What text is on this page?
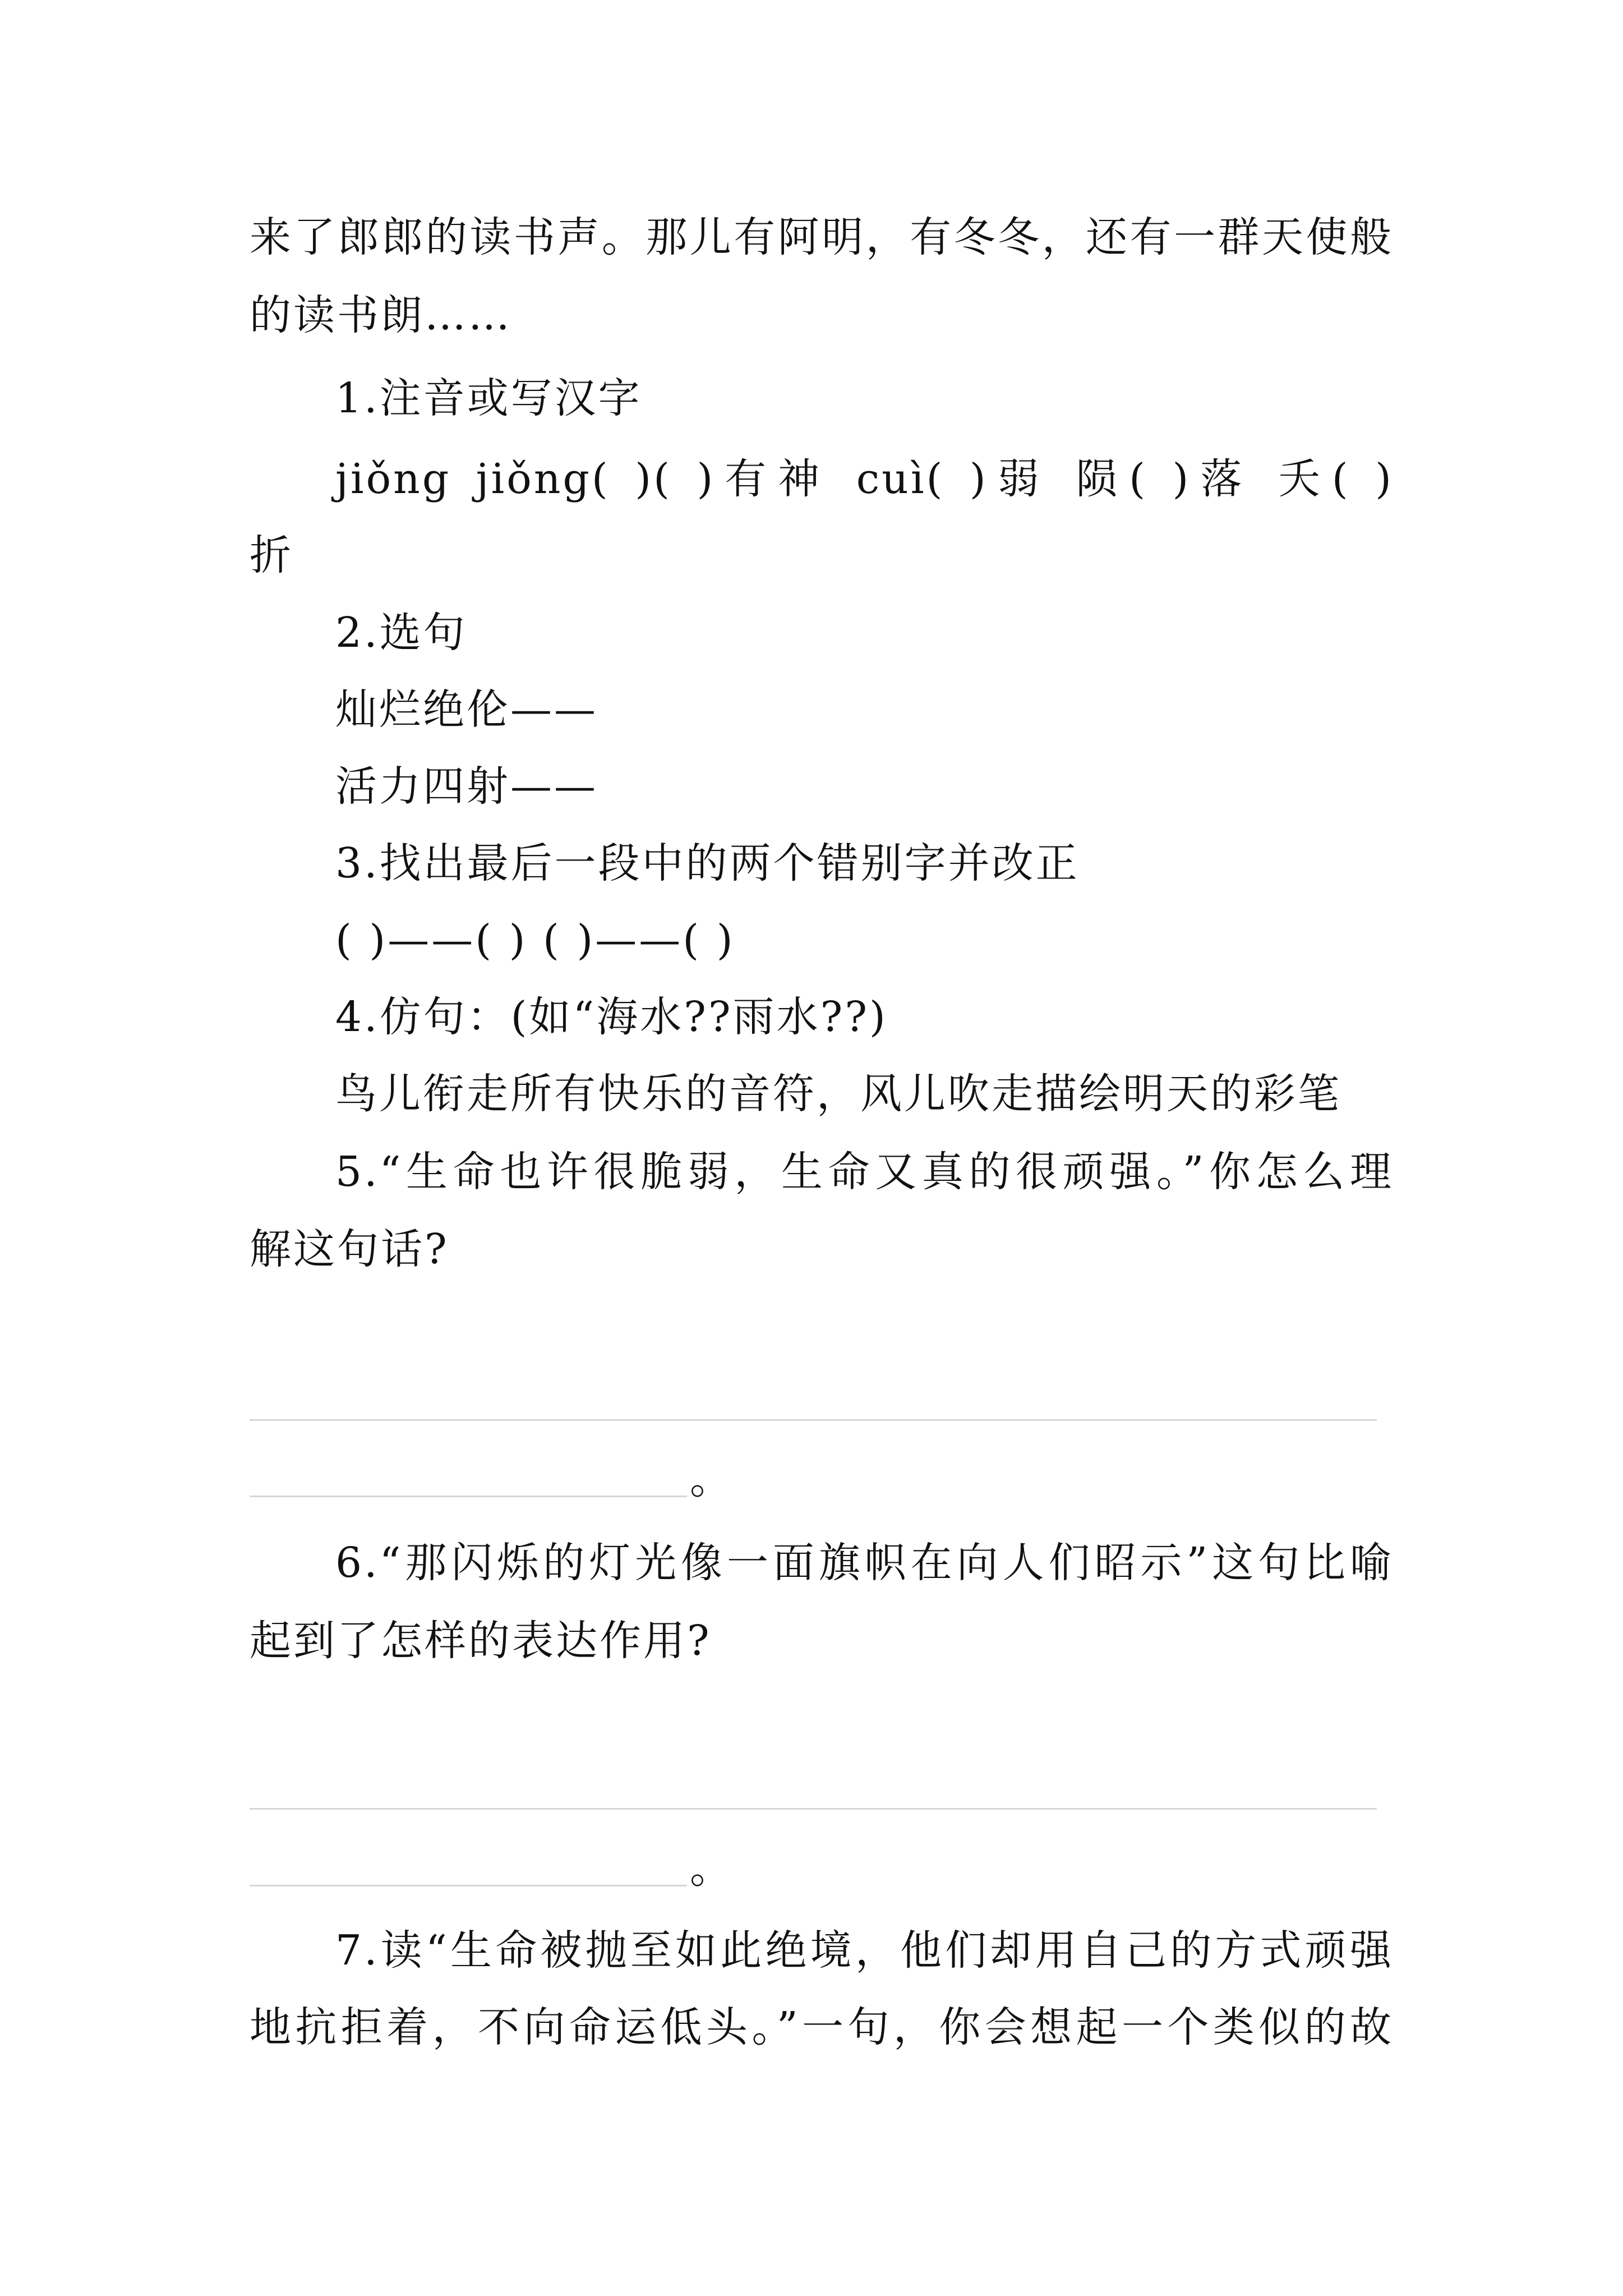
来了郎郎的读书声。那儿有阿明，有冬冬，还有一群天使般
的读书朗……
1.注音或写汉字
jiǒng jiǒng( )( )有神 cuì( )弱 陨( )落 夭( )
折
2.选句
灿烂绝伦——
活力四射——
3.找出最后一段中的两个错别字并改正
( )——( ) ( )——( )
4.仿句：(如“海水??雨水??)
鸟儿衔走所有快乐的音符，风儿吹走描绘明天的彩笔
5.“生命也许很脆弱，生命又真的很顽强。”你怎么理
解这句话?
。
6.“那闪烁的灯光像一面旗帜在向人们昭示”这句比喻
起到了怎样的表达作用?
。
7.读“生命被抛至如此绝境，他们却用自己的方式顽强
地抗拒着，不向命运低头。”一句，你会想起一个类似的故
